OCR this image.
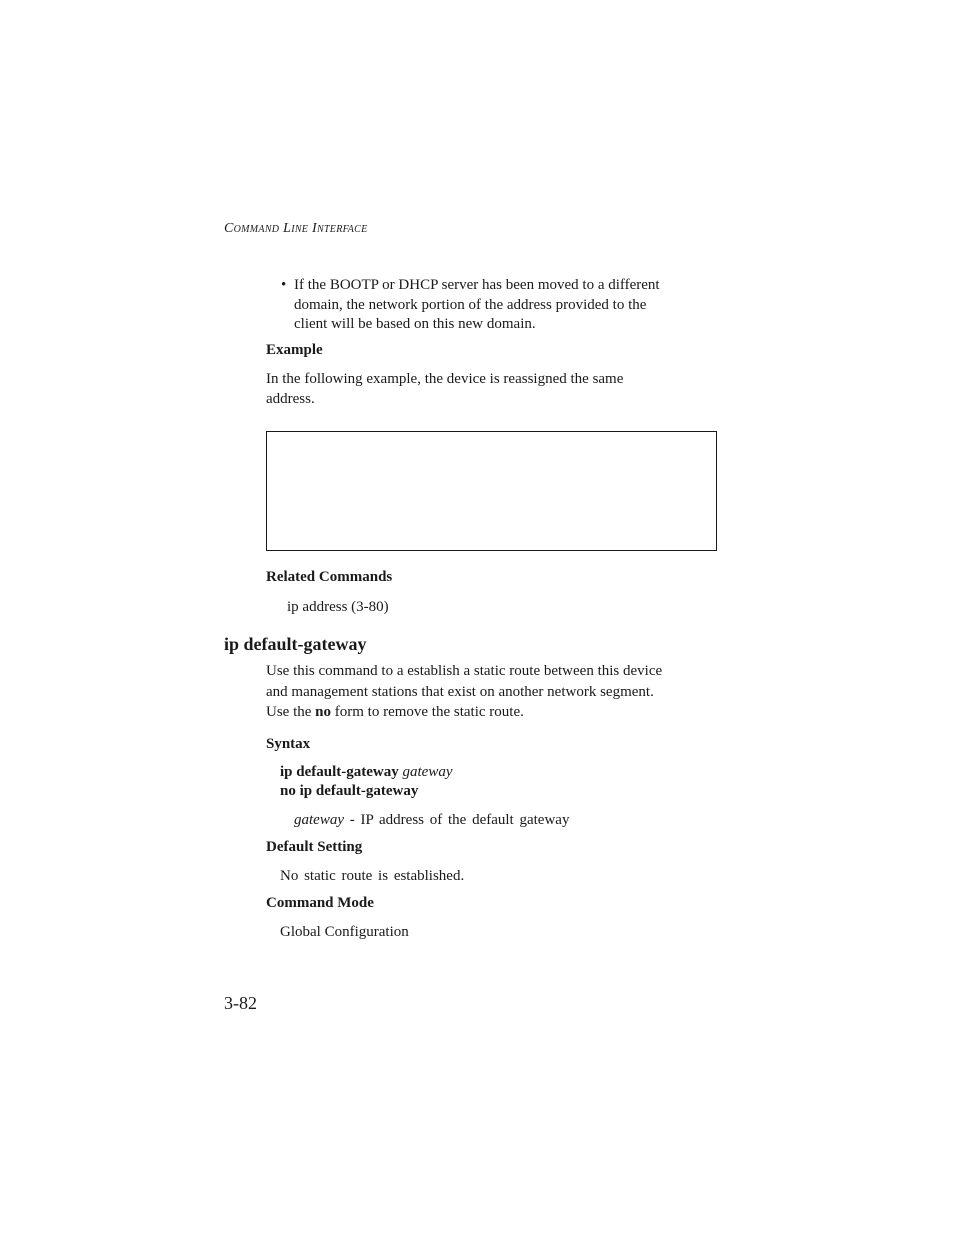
Command Line Interface
• If the BOOTP or DHCP server has been moved to a different
domain, the network portion of the address provided to the
client will be based on this new domain.
Example
In the following example, the device is reassigned the same
address.
Related Commands
ip address (3-80)
ip default-gateway
Use this command to a establish a static route between this device
and management stations that exist on another network segment.
Use the no form to remove the static route.
Syntax
ip default-gateway gateway
no ip default-gateway
gateway - IP address of the default gateway
Default Setting
No static route is established.
Command Mode
Global Configuration
3-82
